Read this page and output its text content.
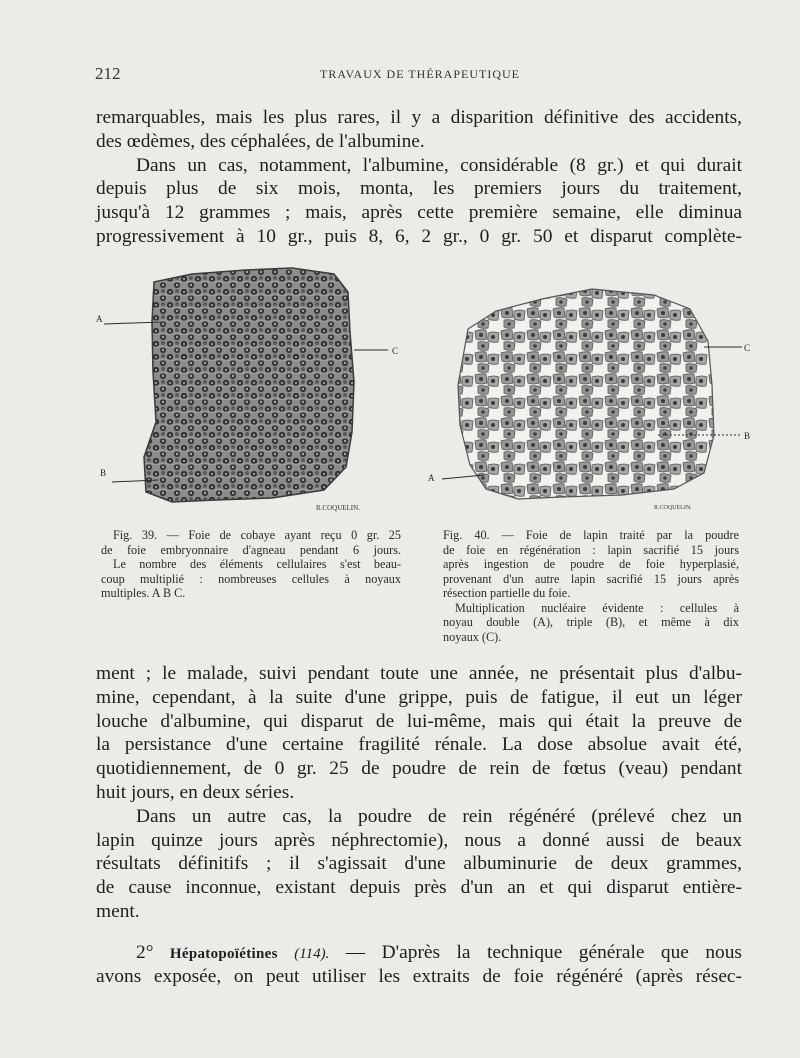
212	TRAVAUX DE THÉRAPEUTIQUE
remarquables, mais les plus rares, il y a disparition définitive des accidents,
des œdèmes, des céphalées, de l'albumine.
Dans un cas, notamment, l'albumine, considérable (8 gr.) et qui durait
depuis plus de six mois, monta, les premiers jours du traitement,
jusqu'à 12 grammes ; mais, après cette première semaine, elle diminua
progressivement à 10 gr., puis 8, 6, 2 gr., 0 gr. 50 et disparut complète-
A
C
B
R.COQUELIN.
C
B
A
R.COQUELIN.
Fig. 39. — Foie de cobaye ayant reçu 0 gr. 25
de foie embryonnaire d'agneau pendant 6 jours.
Le nombre des éléments cellulaires s'est beau-
coup multiplié : nombreuses cellules à noyaux
multiples. A B C.
Fig. 40. — Foie de lapin traité par la poudre
de foie en régénération : lapin sacrifié 15 jours
après ingestion de poudre de foie hyperplasié,
provenant d'un autre lapin sacrifié 15 jours après
résection partielle du foie.
Multiplication nucléaire évidente : cellules à
noyau double (A), triple (B), et même à dix
noyaux (C).
ment ; le malade, suivi pendant toute une année, ne présentait plus d'albu-
mine, cependant, à la suite d'une grippe, puis de fatigue, il eut un léger
louche d'albumine, qui disparut de lui-même, mais qui était la preuve de
la persistance d'une certaine fragilité rénale. La dose absolue avait été,
quotidiennement, de 0 gr. 25 de poudre de rein de fœtus (veau) pendant
huit jours, en deux séries.
Dans un autre cas, la poudre de rein régénéré (prélevé chez un
lapin quinze jours après néphrectomie), nous a donné aussi de beaux
résultats définitifs ; il s'agissait d'une albuminurie de deux grammes,
de cause inconnue, existant depuis près d'un an et qui disparut entière-
ment.
2° Hépatopoïétines (114). — D'après la technique générale que nous
avons exposée, on peut utiliser les extraits de foie régénéré (après résec-
